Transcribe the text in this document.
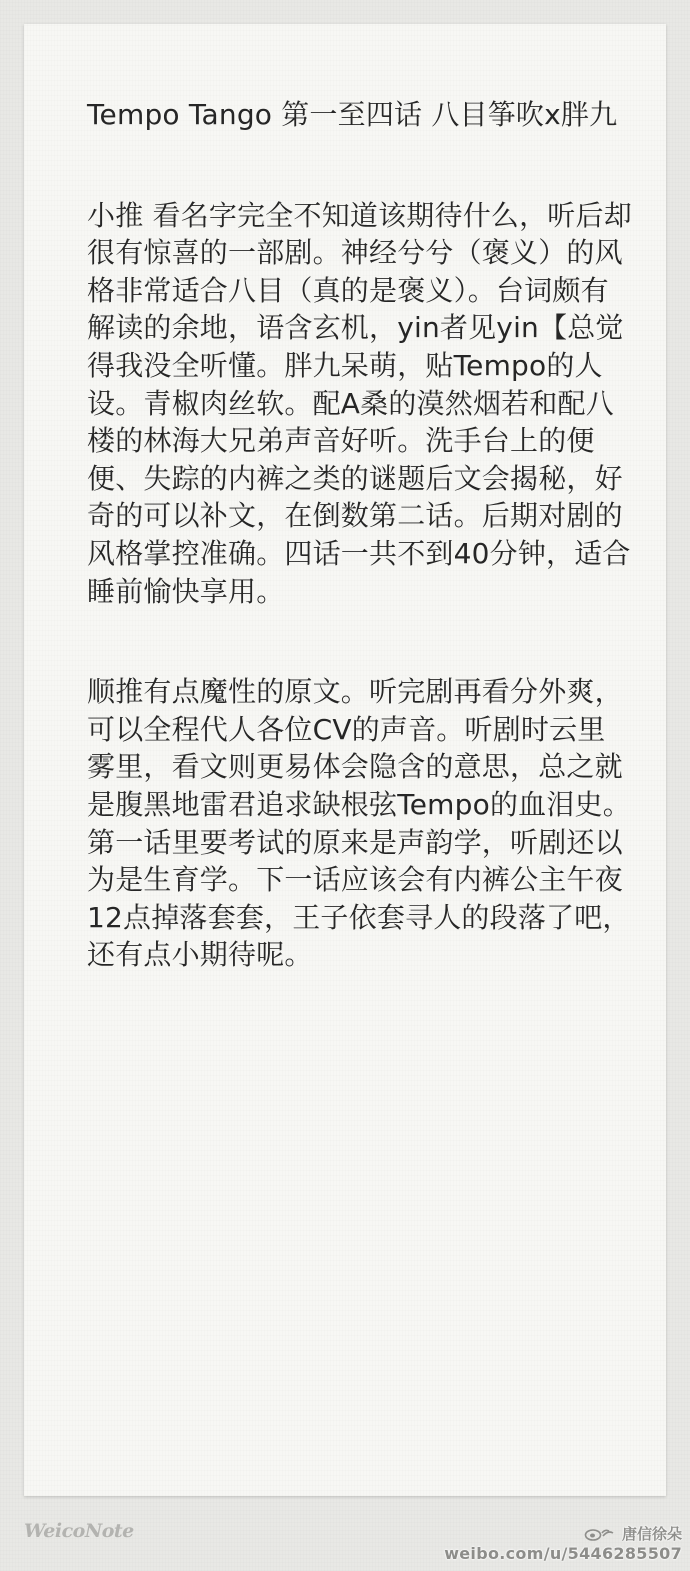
Tempo Tango 第一至四话 八目筝吹x胖九

小推 看名字完全不知道该期待什么，听后却很有惊喜的一部剧。神经兮兮（褒义）的风格非常适合八目（真的是褒义）。台词颇有解读的余地，语含玄机，yin者见yin【总觉得我没全听懂。胖九呆萌，贴Tempo的人设。青椒肉丝软。配A桑的漠然烟若和配八楼的林海大兄弟声音好听。洗手台上的便便、失踪的内裤之类的谜题后文会揭秘，好奇的可以补文，在倒数第二话。后期对剧的风格掌控准确。四话一共不到40分钟，适合睡前愉快享用。

顺推有点魔性的原文。听完剧再看分外爽，可以全程代人各位CV的声音。听剧时云里雾里，看文则更易体会隐含的意思，总之就是腹黑地雷君追求缺根弦Tempo的血泪史。第一话里要考试的原来是声韵学，听剧还以为是生育学。下一话应该会有内裤公主午夜12点掉落套套，王子依套寻人的段落了吧，还有点小期待呢。

WeicoNote	唐信徐朵
weibo.com/u/5446285507
